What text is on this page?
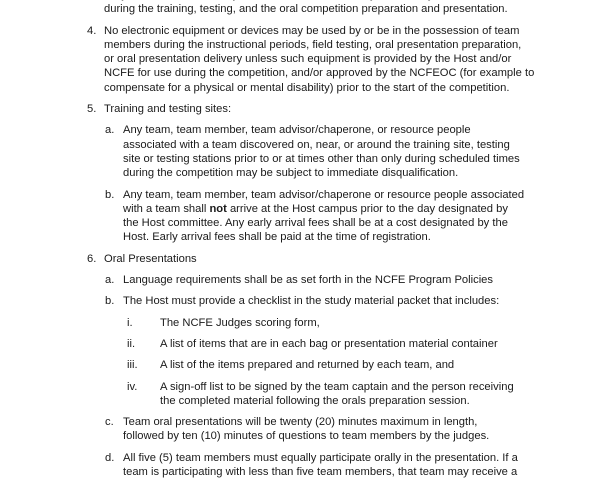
during the training, testing, and the oral competition preparation and presentation.
4. No electronic equipment or devices may be used by or be in the possession of team
members during the instructional periods, field testing, oral presentation preparation,
or oral presentation delivery unless such equipment is provided by the Host and/or
NCFE for use during the competition, and/or approved by the NCFEOC (for example to
compensate for a physical or mental disability) prior to the start of the competition.
5. Training and testing sites:
a. Any team, team member, team advisor/chaperone, or resource people
associated with a team discovered on, near, or around the training site, testing
site or testing stations prior to or at times other than only during scheduled times
during the competition may be subject to immediate disqualification.
b. Any team, team member, team advisor/chaperone or resource people associated
with a team shall not arrive at the Host campus prior to the day designated by
the Host committee. Any early arrival fees shall be at a cost designated by the
Host. Early arrival fees shall be paid at the time of registration.
6. Oral Presentations
a. Language requirements shall be as set forth in the NCFE Program Policies
b. The Host must provide a checklist in the study material packet that includes:
i. The NCFE Judges scoring form,
ii. A list of items that are in each bag or presentation material container
iii. A list of the items prepared and returned by each team, and
iv. A sign-off list to be signed by the team captain and the person receiving
the completed material following the orals preparation session.
c. Team oral presentations will be twenty (20) minutes maximum in length,
followed by ten (10) minutes of questions to team members by the judges.
d. All five (5) team members must equally participate orally in the presentation. If a
team is participating with less than five team members, that team may receive a
